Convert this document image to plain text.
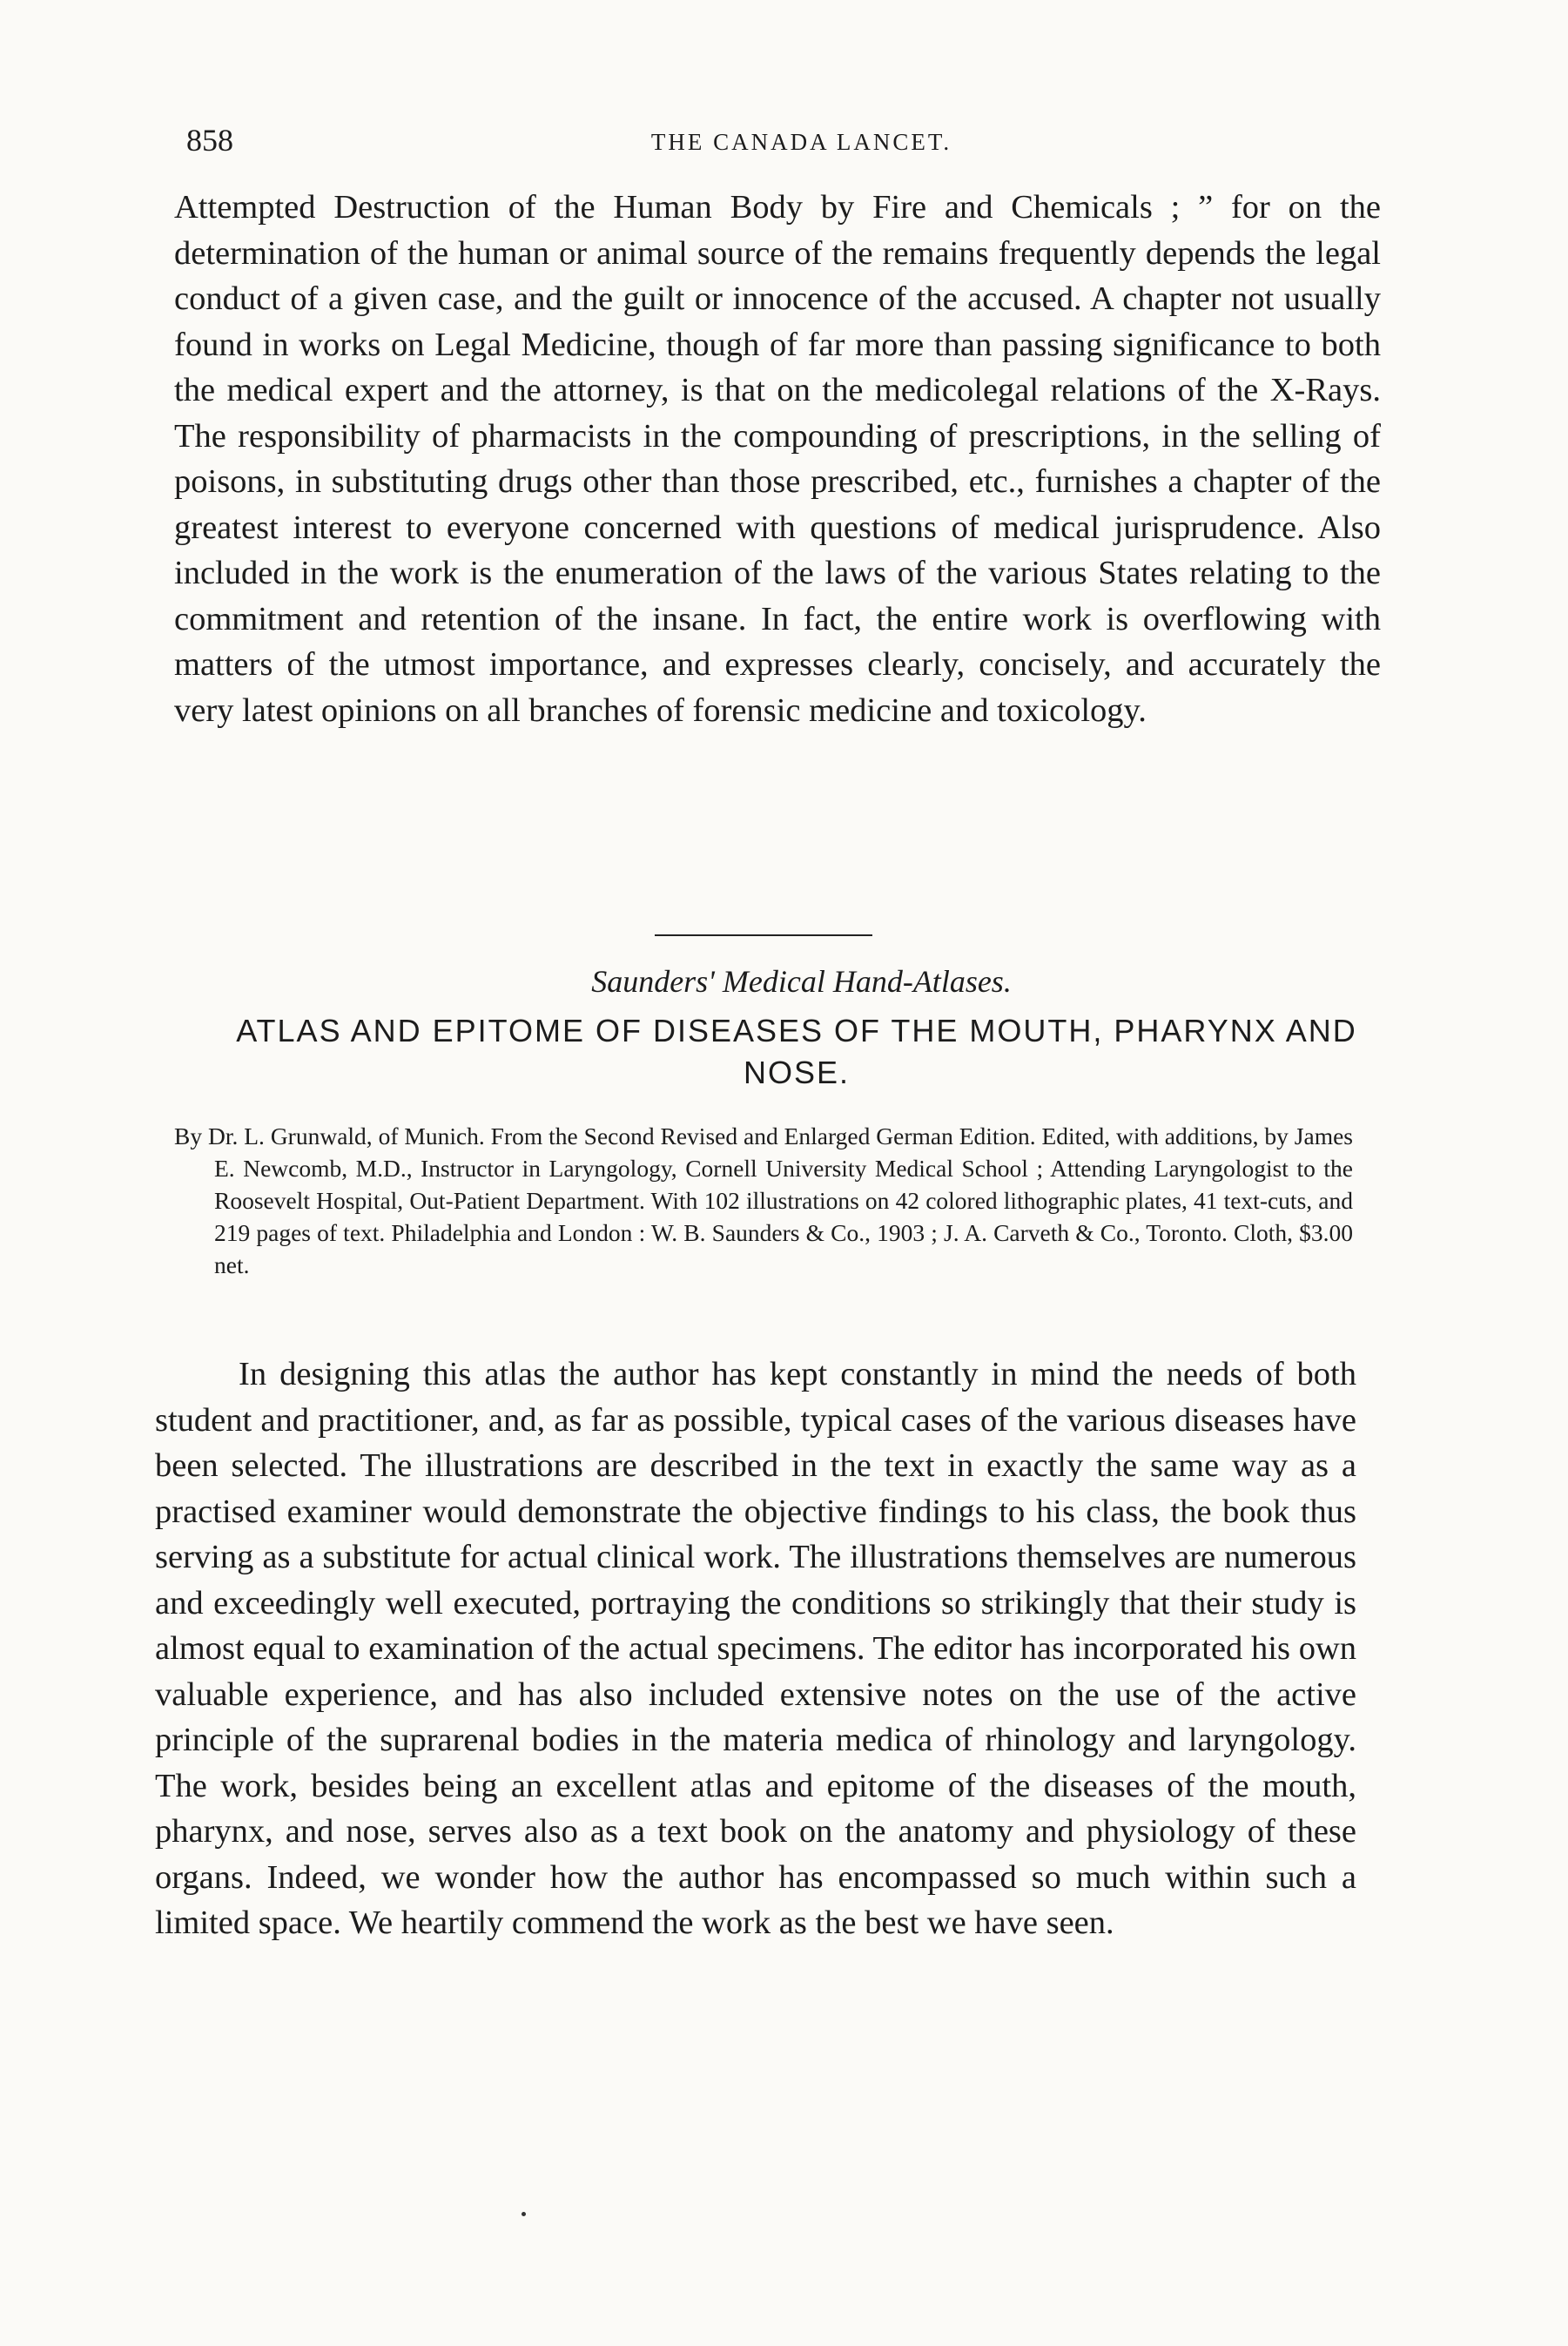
858	THE CANADA LANCET.

Attempted Destruction of the Human Body by Fire and Chemicals ; ” for on the determination of the human or animal source of the remains frequently depends the legal conduct of a given case, and the guilt or innocence of the accused. A chapter not usually found in works on Legal Medicine, though of far more than passing significance to both the medical expert and the attorney, is that on the medicolegal relations of the X-Rays. The responsibility of pharmacists in the compounding of prescriptions, in the selling of poisons, in substituting drugs other than those prescribed, etc., furnishes a chapter of the greatest interest to everyone concerned with questions of medical jurisprudence. Also included in the work is the enumeration of the laws of the various States relating to the commitment and retention of the insane. In fact, the entire work is overflowing with matters of the utmost importance, and expresses clearly, concisely, and accurately the very latest opinions on all branches of forensic medicine and toxicology.

Saunders' Medical Hand-Atlases.
ATLAS AND EPITOME OF DISEASES OF THE MOUTH, PHARYNX AND NOSE.
By Dr. L. Grunwald, of Munich. From the Second Revised and Enlarged German Edition. Edited, with additions, by James E. Newcomb, M.D., Instructor in Laryngology, Cornell University Medical School ; Attending Laryngologist to the Roosevelt Hospital, Out-Patient Department. With 102 illustrations on 42 colored lithographic plates, 41 text-cuts, and 219 pages of text. Philadelphia and London : W. B. Saunders & Co., 1903 ; J. A. Carveth & Co., Toronto. Cloth, $3.00 net.

In designing this atlas the author has kept constantly in mind the needs of both student and practitioner, and, as far as possible, typical cases of the various diseases have been selected. The illustrations are described in the text in exactly the same way as a practised examiner would demonstrate the objective findings to his class, the book thus serving as a substitute for actual clinical work. The illustrations themselves are numerous and exceedingly well executed, portraying the conditions so strikingly that their study is almost equal to examination of the actual specimens. The editor has incorporated his own valuable experience, and has also included extensive notes on the use of the active principle of the suprarenal bodies in the materia medica of rhinology and laryngology. The work, besides being an excellent atlas and epitome of the diseases of the mouth, pharynx, and nose, serves also as a text book on the anatomy and physiology of these organs. Indeed, we wonder how the author has encompassed so much within such a limited space. We heartily commend the work as the best we have seen.
